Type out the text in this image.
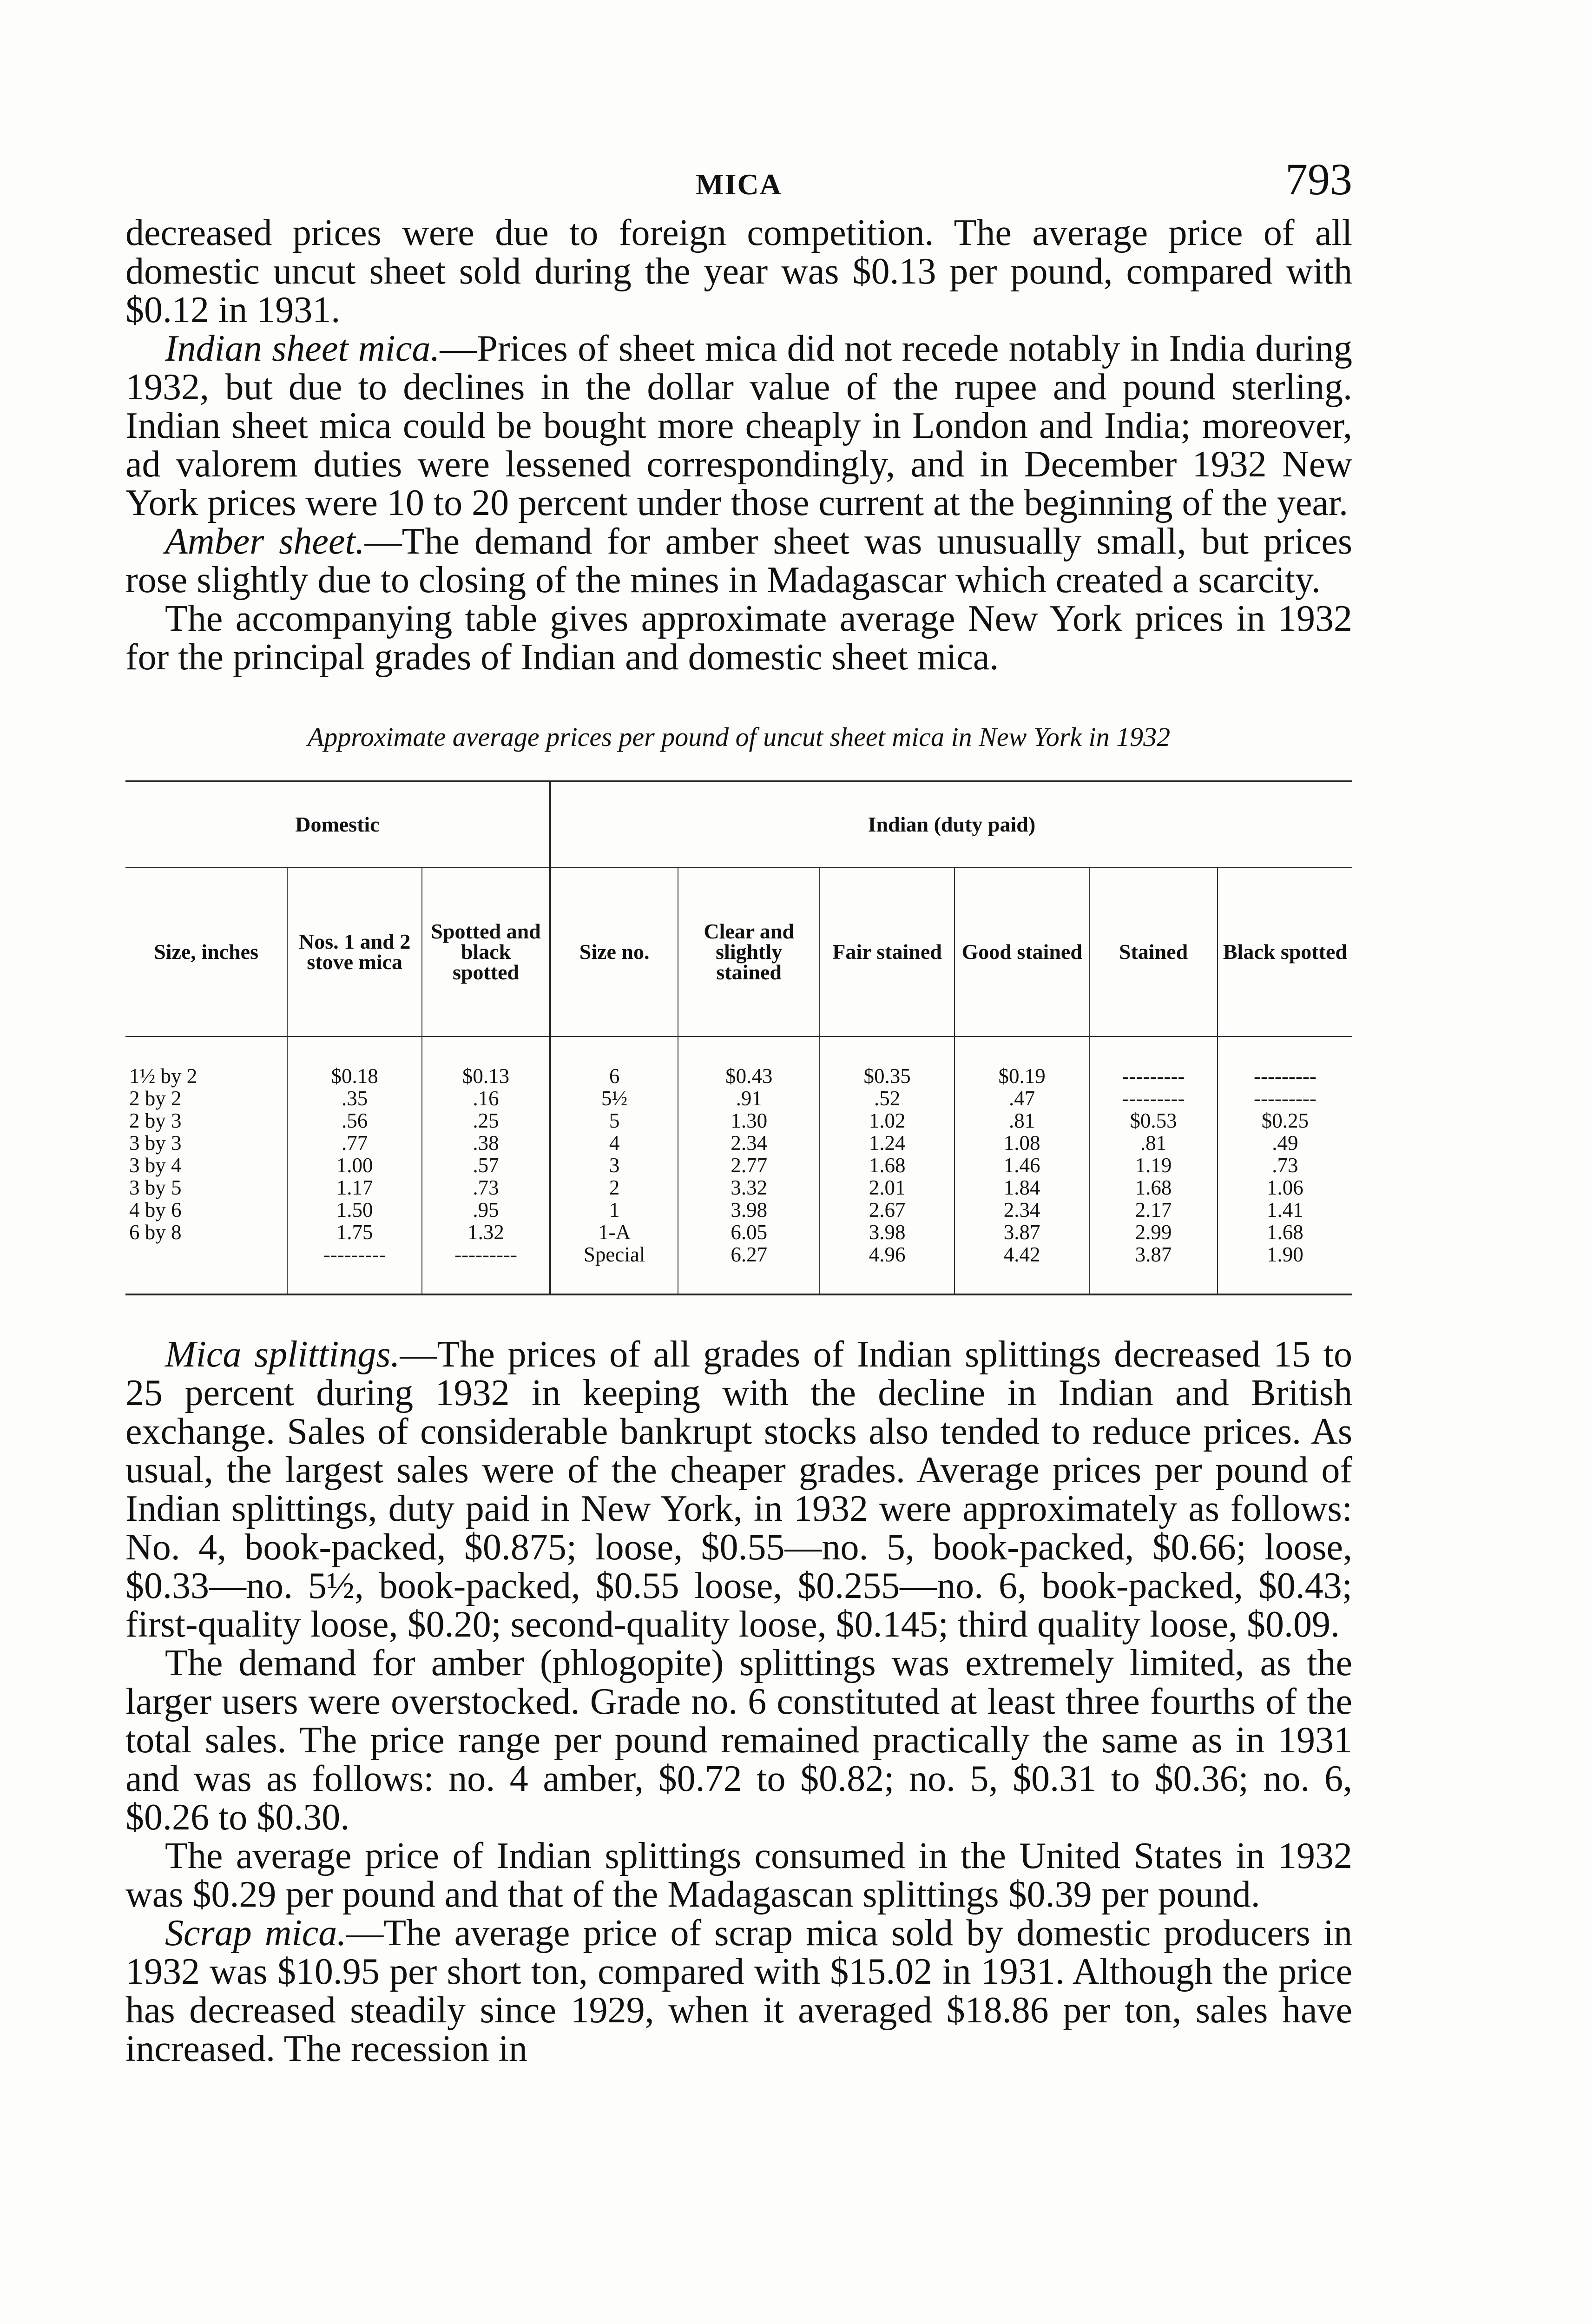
MICA	793

decreased prices were due to foreign competition. The average price of all domestic uncut sheet sold during the year was $0.13 per pound, compared with $0.12 in 1931.

Indian sheet mica.—Prices of sheet mica did not recede notably in India during 1932, but due to declines in the dollar value of the rupee and pound sterling. Indian sheet mica could be bought more cheaply in London and India; moreover, ad valorem duties were lessened correspondingly, and in December 1932 New York prices were 10 to 20 percent under those current at the beginning of the year.

Amber sheet.—The demand for amber sheet was unusually small, but prices rose slightly due to closing of the mines in Madagascar which created a scarcity.

The accompanying table gives approximate average New York prices in 1932 for the principal grades of Indian and domestic sheet mica.

Approximate average prices per pound of uncut sheet mica in New York in 1932
Domestic			Indian (duty paid)					
Size, inches	Nos. 1 and 2 stove mica	Spotted and black spotted	Size no.	Clear and slightly stained	Fair stained	Good stained	Stained	Black spotted
1½ by 2	$0.18	$0.13	6	$0.43	$0.35	$0.19	---------	---------
2 by 2	.35	.16	5½	.91	.52	.47	---------	---------
2 by 3	.56	.25	5	1.30	1.02	.81	$0.53	$0.25
3 by 3	.77	.38	4	2.34	1.24	1.08	.81	.49
3 by 4	1.00	.57	3	2.77	1.68	1.46	1.19	.73
3 by 5	1.17	.73	2	3.32	2.01	1.84	1.68	1.06
4 by 6	1.50	.95	1	3.98	2.67	2.34	2.17	1.41
6 by 8	1.75	1.32	1-A	6.05	3.98	3.87	2.99	1.68
	---------	---------	Special	6.27	4.96	4.42	3.87	1.90

Mica splittings.—The prices of all grades of Indian splittings decreased 15 to 25 percent during 1932 in keeping with the decline in Indian and British exchange. Sales of considerable bankrupt stocks also tended to reduce prices. As usual, the largest sales were of the cheaper grades. Average prices per pound of Indian splittings, duty paid in New York, in 1932 were approximately as follows: No. 4, book-packed, $0.875; loose, $0.55—no. 5, book-packed, $0.66; loose, $0.33—no. 5½, book-packed, $0.55 loose, $0.255—no. 6, book-packed, $0.43; first-quality loose, $0.20; second-quality loose, $0.145; third quality loose, $0.09.

The demand for amber (phlogopite) splittings was extremely limited, as the larger users were overstocked. Grade no. 6 constituted at least three fourths of the total sales. The price range per pound remained practically the same as in 1931 and was as follows: no. 4 amber, $0.72 to $0.82; no. 5, $0.31 to $0.36; no. 6, $0.26 to $0.30.

The average price of Indian splittings consumed in the United States in 1932 was $0.29 per pound and that of the Madagascan splittings $0.39 per pound.

Scrap mica.—The average price of scrap mica sold by domestic producers in 1932 was $10.95 per short ton, compared with $15.02 in 1931. Although the price has decreased steadily since 1929, when it averaged $18.86 per ton, sales have increased. The recession in
